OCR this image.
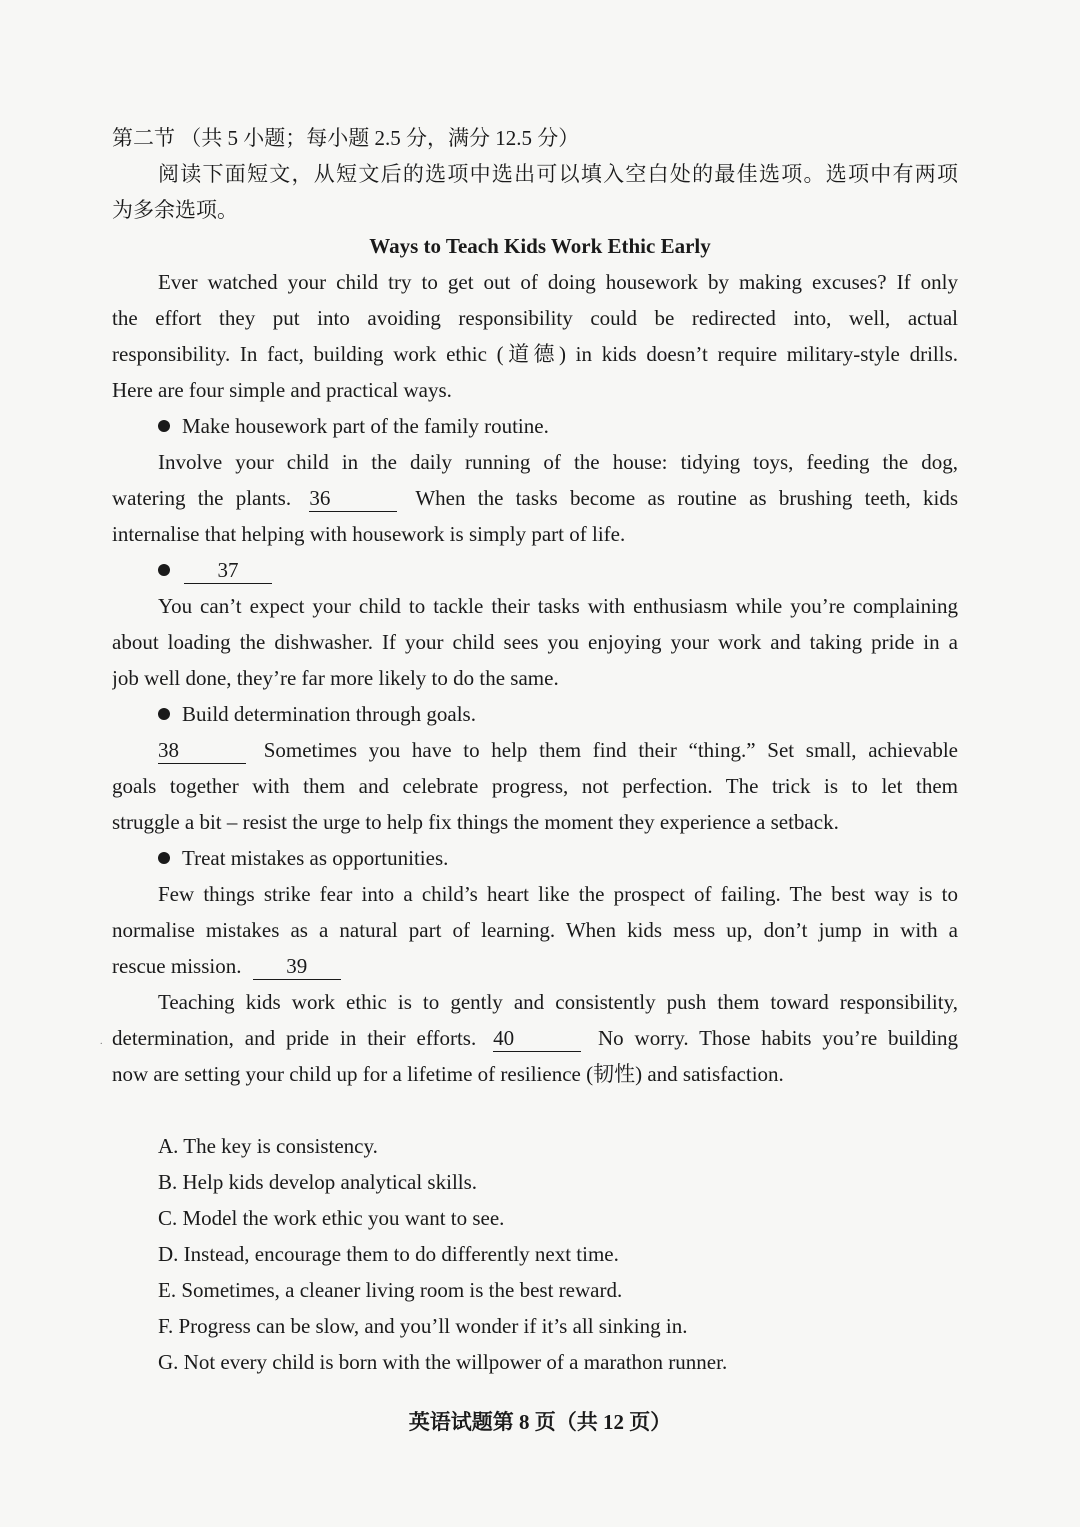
第二节 （共 5 小题；每小题 2.5 分，满分 12.5 分）
阅读下面短文，从短文后的选项中选出可以填入空白处的最佳选项。选项中有两项
为多余选项。
Ways to Teach Kids Work Ethic Early
Ever watched your child try to get out of doing housework by making excuses? If only
the effort they put into avoiding responsibility could be redirected into, well, actual
responsibility. In fact, building work ethic (道德) in kids doesn’t require military-style drills.
Here are four simple and practical ways.
Make housework part of the family routine.
Involve your child in the daily running of the house: tidying toys, feeding the dog,
watering the plants. 36	When the tasks become as routine as brushing teeth, kids
internalise that helping with housework is simply part of life.
37
You can’t expect your child to tackle their tasks with enthusiasm while you’re complaining
about loading the dishwasher. If your child sees you enjoying your work and taking pride in a
job well done, they’re far more likely to do the same.
Build determination through goals.
38	Sometimes you have to help them find their “thing.” Set small, achievable
goals together with them and celebrate progress, not perfection. The trick is to let them
struggle a bit – resist the urge to help fix things the moment they experience a setback.
Treat mistakes as opportunities.
Few things strike fear into a child’s heart like the prospect of failing. The best way is to
normalise mistakes as a natural part of learning. When kids mess up, don’t jump in with a
rescue mission. 39
Teaching kids work ethic is to gently and consistently push them toward responsibility,
determination, and pride in their efforts. 40	No worry. Those habits you’re building
now are setting your child up for a lifetime of resilience (韧性) and satisfaction.
.
A. The key is consistency.
B. Help kids develop analytical skills.
C. Model the work ethic you want to see.
D. Instead, encourage them to do differently next time.
E. Sometimes, a cleaner living room is the best reward.
F. Progress can be slow, and you’ll wonder if it’s all sinking in.
G. Not every child is born with the willpower of a marathon runner.
英语试题第 8 页（共 12 页）
